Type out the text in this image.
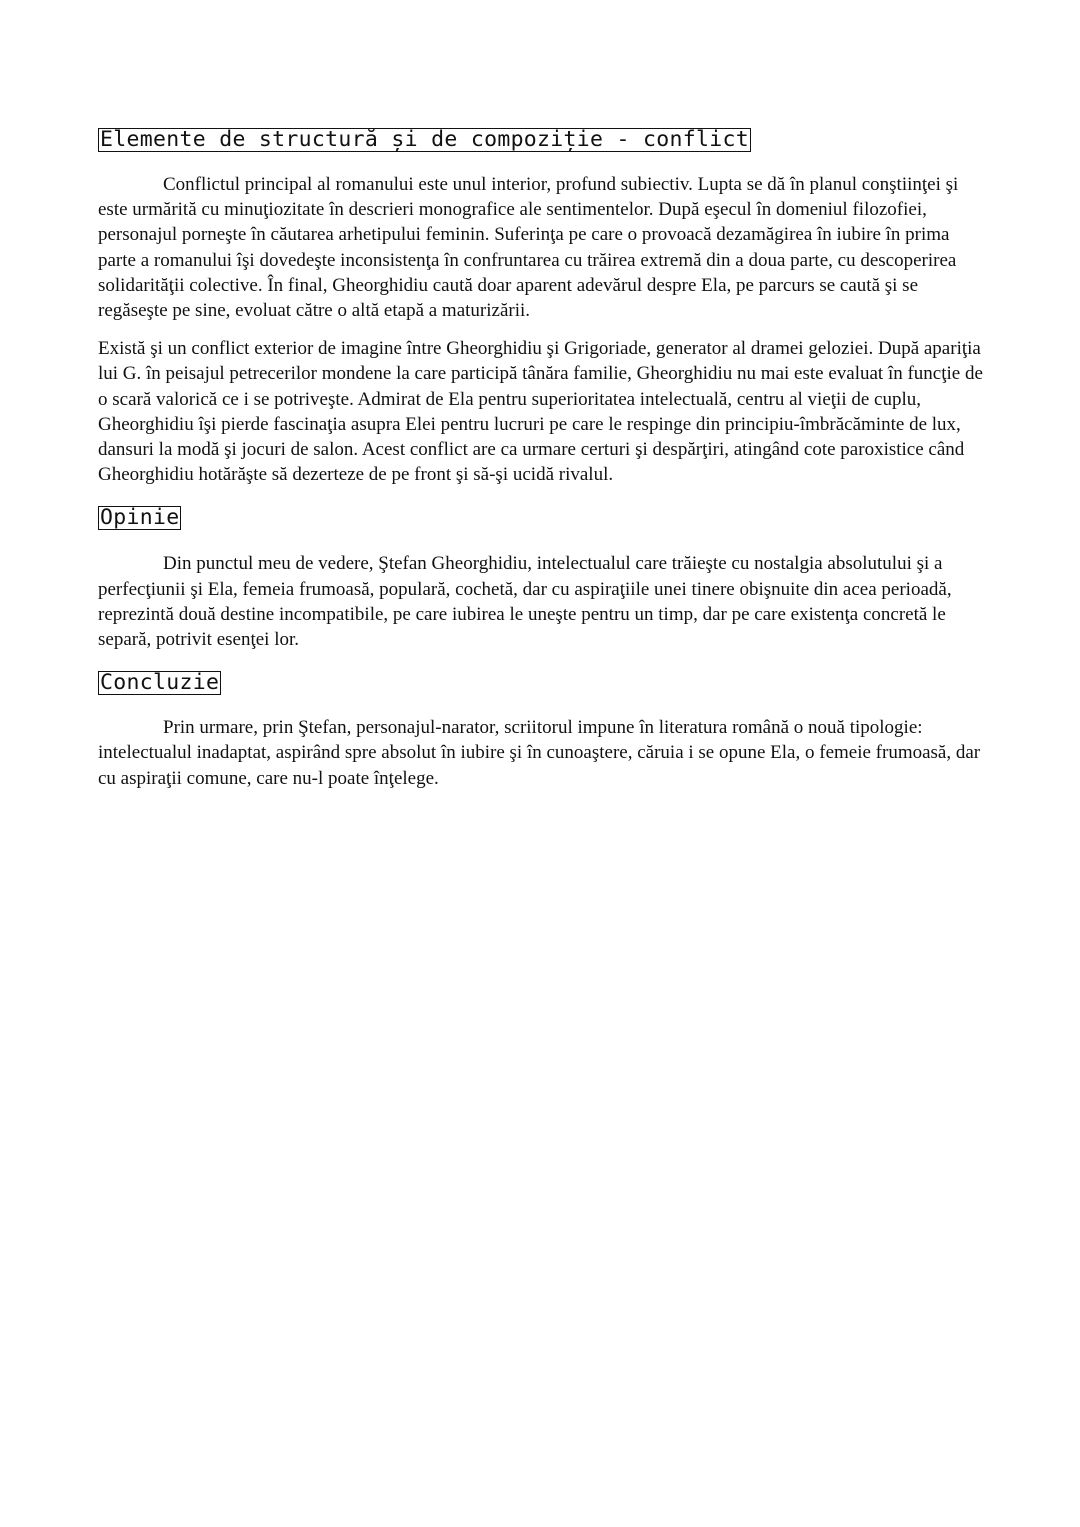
Elemente de structură și de compoziție - conflict

Conflictul principal al romanului este unul interior, profund subiectiv. Lupta se dă în planul conştiinţei şi este urmărită cu minuţiozitate în descrieri monografice ale sentimentelor. După eşecul în domeniul filozofiei, personajul porneşte în căutarea arhetipului feminin. Suferinţa pe care o provoacă dezamăgirea în iubire în prima parte a romanului îşi dovedeşte inconsistenţa în confruntarea cu trăirea extremă din a doua parte, cu descoperirea solidarităţii colective. În final, Gheorghidiu caută doar aparent adevărul despre Ela, pe parcurs se caută şi se regăseşte pe sine, evoluat către o altă etapă a maturizării.

Există şi un conflict exterior de imagine între Gheorghidiu şi Grigoriade, generator al dramei geloziei. După apariţia lui G. în peisajul petrecerilor mondene la care participă tânăra familie, Gheorghidiu nu mai este evaluat în funcţie de o scară valorică ce i se potriveşte. Admirat de Ela pentru superioritatea intelectuală, centru al vieţii de cuplu, Gheorghidiu îşi pierde fascinaţia asupra Elei pentru lucruri pe care le respinge din principiu-îmbrăcăminte de lux, dansuri la modă şi jocuri de salon. Acest conflict are ca urmare certuri şi despărţiri, atingând cote paroxistice când Gheorghidiu hotărăşte să dezerteze de pe front şi să-şi ucidă rivalul.

Opinie

Din punctul meu de vedere, Ştefan Gheorghidiu, intelectualul care trăieşte cu nostalgia absolutului şi a perfecţiunii şi Ela, femeia frumoasă, populară, cochetă, dar cu aspiraţiile unei tinere obişnuite din acea perioadă, reprezintă două destine incompatibile, pe care iubirea le uneşte pentru un timp, dar pe care existenţa concretă le separă, potrivit esenţei lor.

Concluzie

Prin urmare, prin Ştefan, personajul-narator, scriitorul impune în literatura română o nouă tipologie: intelectualul inadaptat, aspirând spre absolut în iubire şi în cunoaştere, căruia i se opune Ela, o femeie frumoasă, dar cu aspiraţii comune, care nu-l poate înţelege.
